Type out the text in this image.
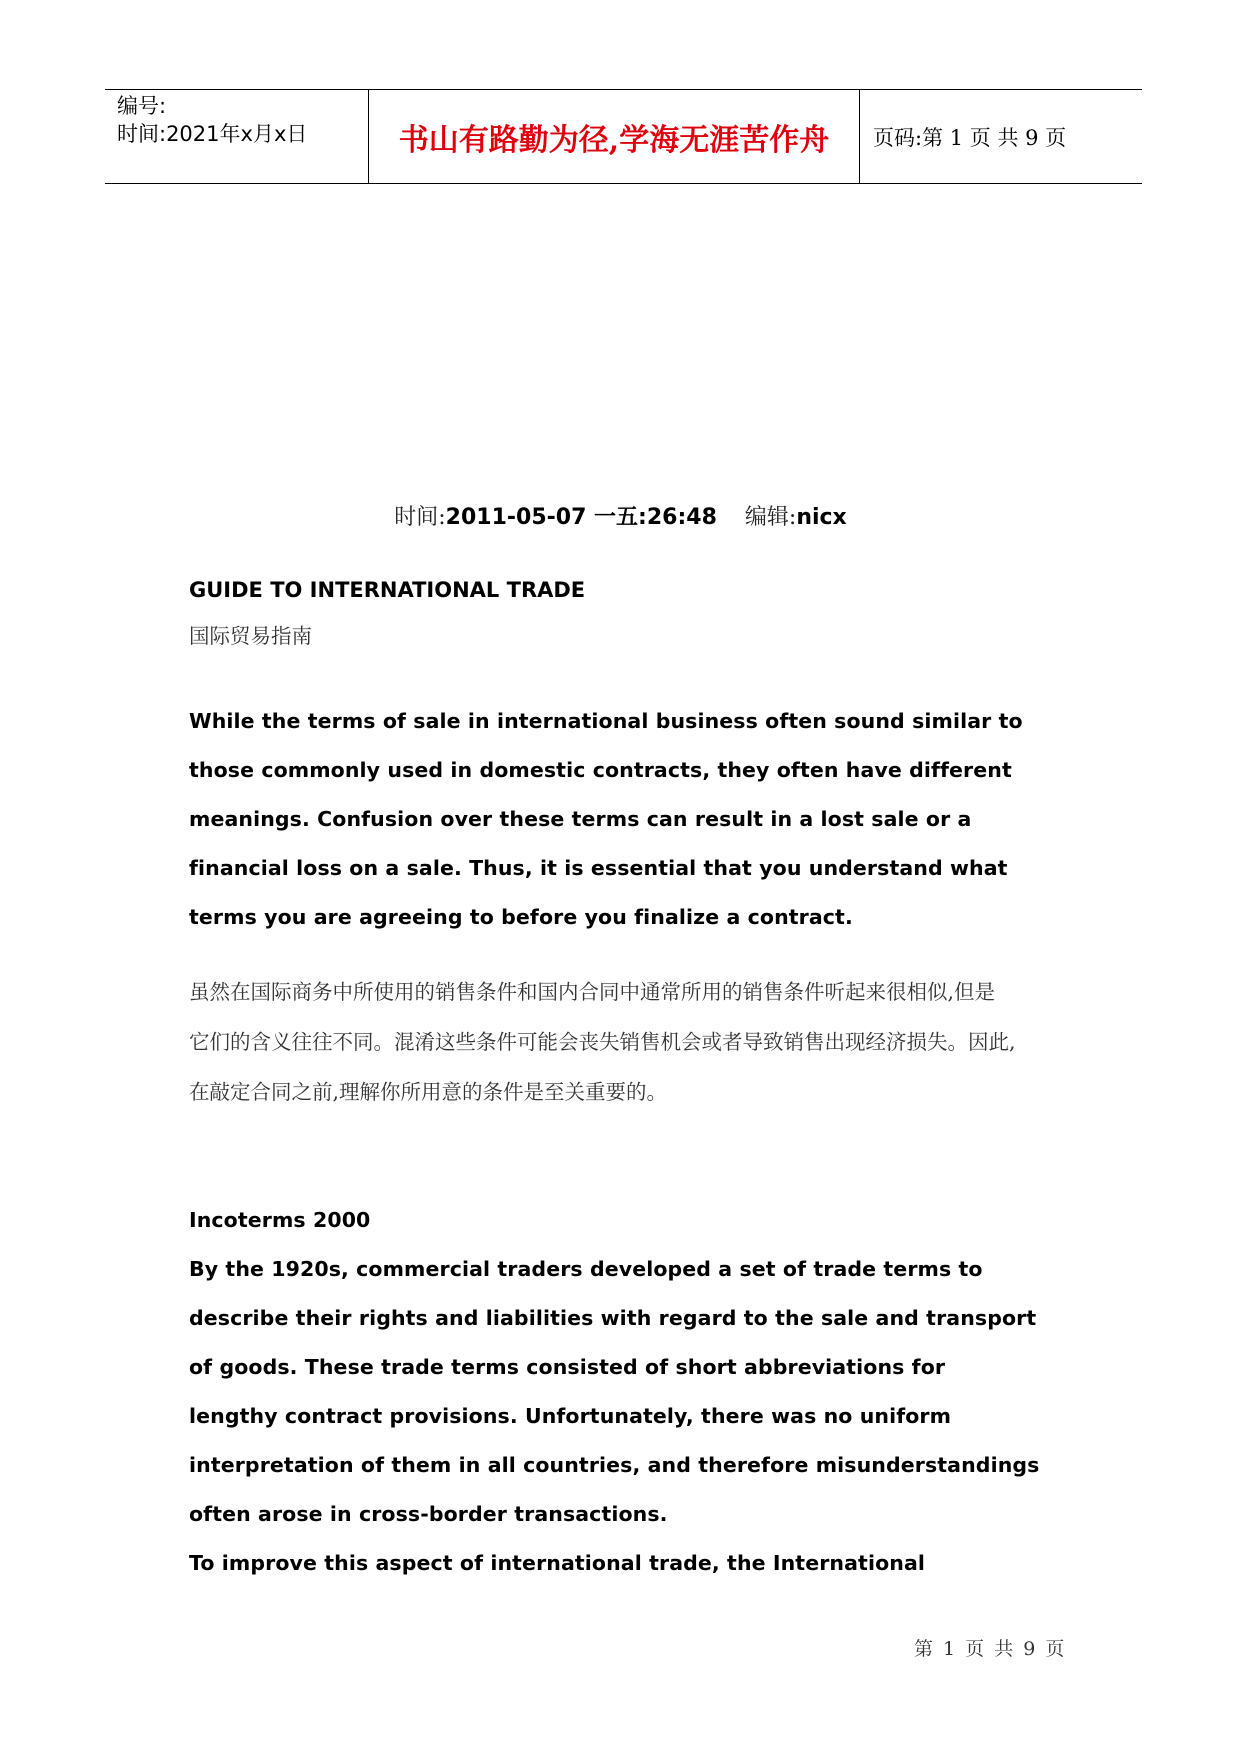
编号:
时间:2021年x月x日	书山有路勤为径,学海无涯苦作舟 页码:第 1 页 共 9 页
时间:2011-05-07 一五:26:48 编辑:nicx
GUIDE TO INTERNATIONAL TRADE
国际贸易指南
While the terms of sale in international business often sound similar to
those commonly used in domestic contracts, they often have different
meanings. Confusion over these terms can result in a lost sale or a
financial loss on a sale. Thus, it is essential that you understand what
terms you are agreeing to before you finalize a contract.
虽然在国际商务中所使用的销售条件和国内合同中通常所用的销售条件听起来很相似,但是
它们的含义往往不同。混淆这些条件可能会丧失销售机会或者导致销售出现经济损失。因此,
在敲定合同之前,理解你所用意的条件是至关重要的。
Incoterms 2000
By the 1920s, commercial traders developed a set of trade terms to
describe their rights and liabilities with regard to the sale and transport
of goods. These trade terms consisted of short abbreviations for
lengthy contract provisions. Unfortunately, there was no uniform
interpretation of them in all countries, and therefore misunderstandings
often arose in cross-border transactions.
To improve this aspect of international trade, the International
第 1 页 共 9 页
